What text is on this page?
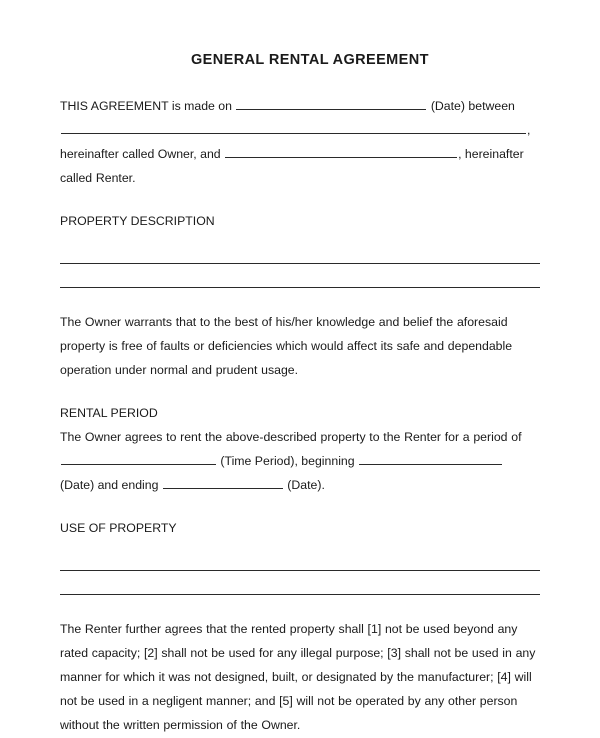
GENERAL RENTAL AGREEMENT
THIS AGREEMENT is made on	(Date) between
,
hereinafter called Owner, and	, hereinafter
called Renter.
PROPERTY DESCRIPTION
The Owner warrants that to the best of his/her knowledge and belief the aforesaid property is free of faults or deficiencies which would affect its safe and dependable operation under normal and prudent usage.
RENTAL PERIOD
The Owner agrees to rent the above-described property to the Renter for a period of
(Time Period), beginning
(Date) and ending	(Date).
USE OF PROPERTY
The Renter further agrees that the rented property shall [1] not be used beyond any rated capacity; [2] shall not be used for any illegal purpose; [3] shall not be used in any manner for which it was not designed, built, or designated by the manufacturer; [4] will not be used in a negligent manner; and [5] will not be operated by any other person without the written permission of the Owner.
